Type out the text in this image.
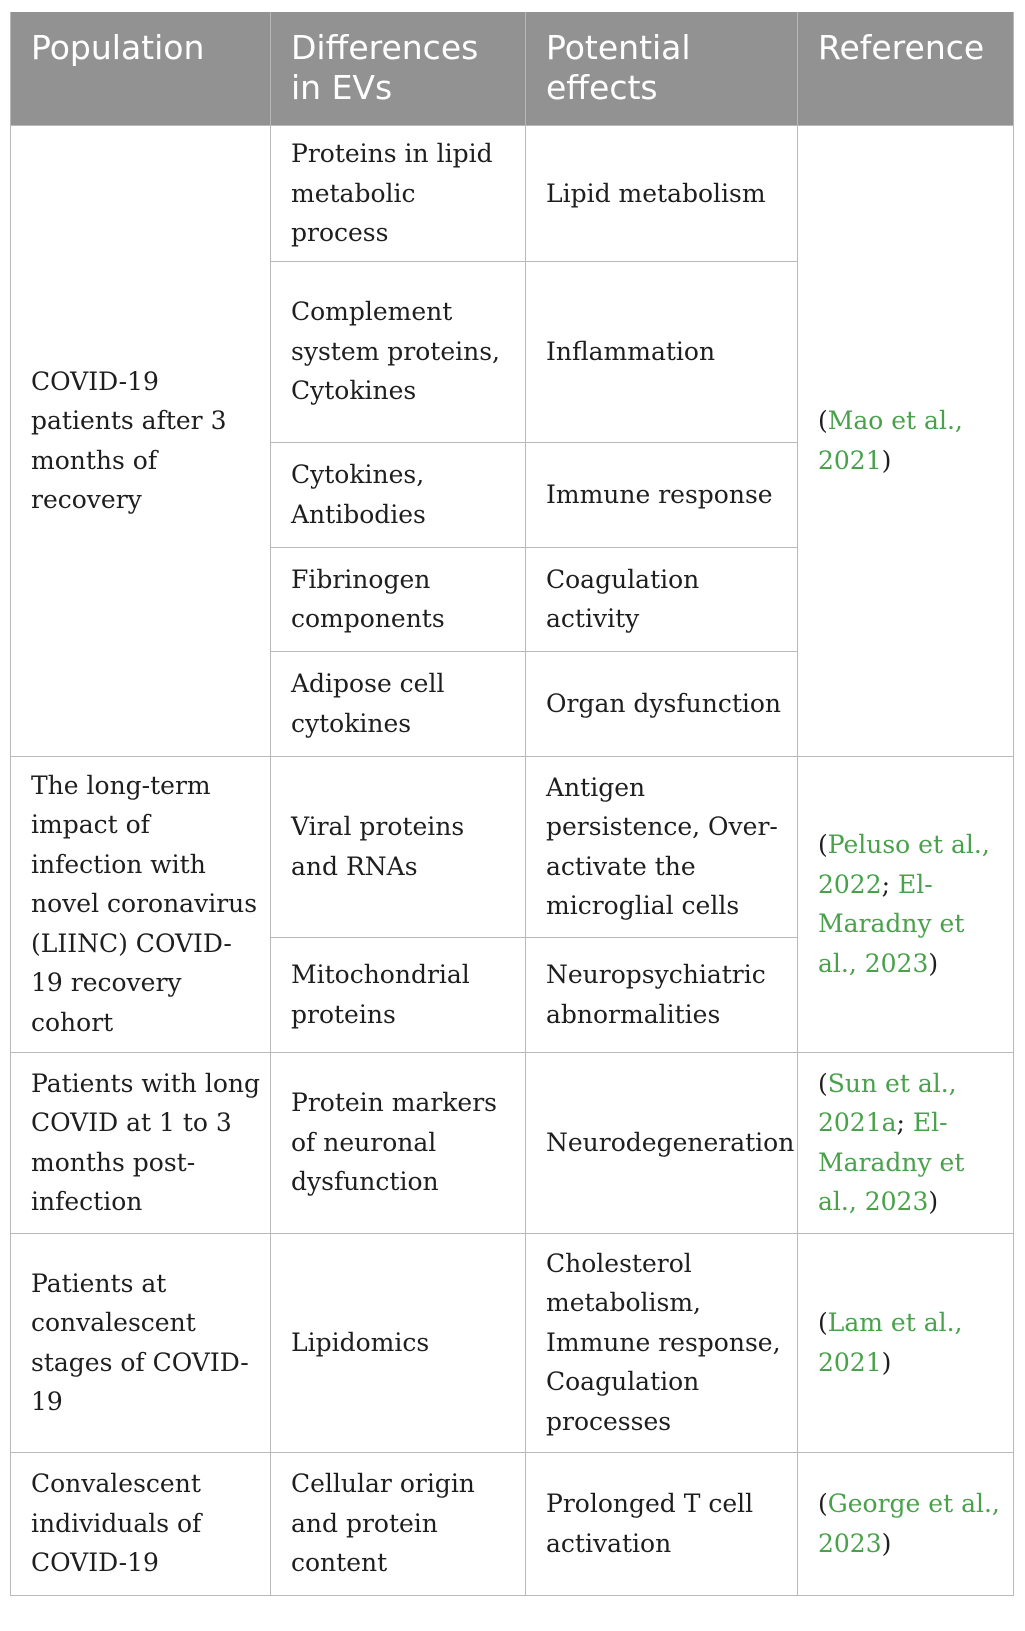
Population	Differences in EVs	Potential effects	Reference
COVID-19 patients after 3 months of recovery	Proteins in lipid metabolic process	Lipid metabolism	(Mao et al., 2021)
	Complement system proteins, Cytokines	Inflammation	
	Cytokines, Antibodies	Immune response	
	Fibrinogen components	Coagulation activity	
	Adipose cell cytokines	Organ dysfunction	
The long-term impact of infection with novel coronavirus (LIINC) COVID-19 recovery cohort	Viral proteins and RNAs	Antigen persistence, Over-activate the microglial cells	(Peluso et al., 2022; El-Maradny et al., 2023)
	Mitochondrial proteins	Neuropsychiatric abnormalities	
Patients with long COVID at 1 to 3 months post-infection	Protein markers of neuronal dysfunction	Neurodegeneration	(Sun et al., 2021a; El-Maradny et al., 2023)
Patients at convalescent stages of COVID-19	Lipidomics	Cholesterol metabolism, Immune response, Coagulation processes	(Lam et al., 2021)
Convalescent individuals of COVID-19	Cellular origin and protein content	Prolonged T cell activation	(George et al., 2023)
